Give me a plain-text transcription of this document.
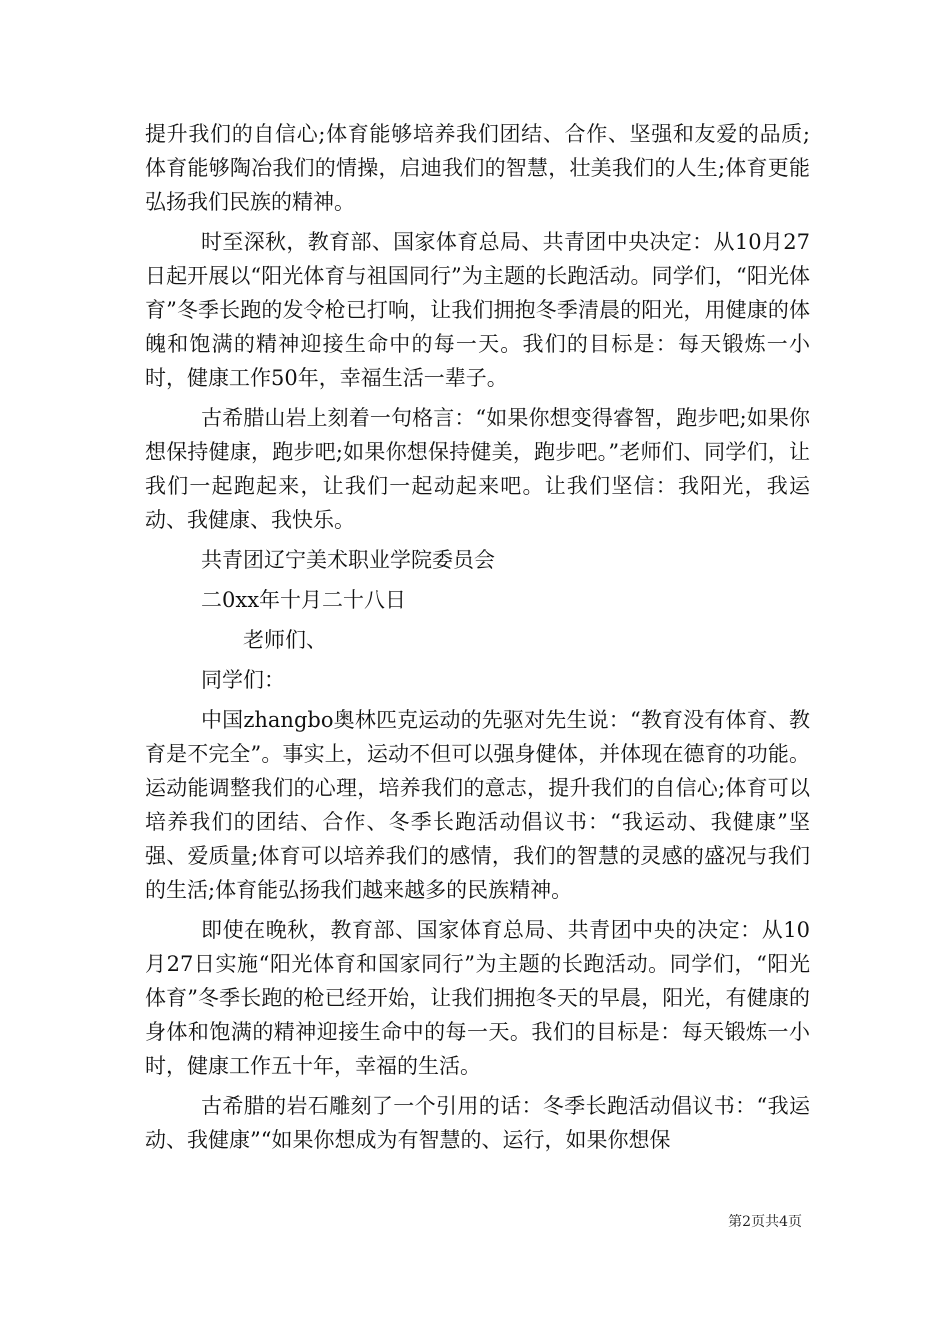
提升我们的自信心;体育能够培养我们团结、合作、坚强和友爱的品质;体育能够陶冶我们的情操，启迪我们的智慧，壮美我们的人生;体育更能弘扬我们民族的精神。

时至深秋，教育部、国家体育总局、共青团中央决定：从10月27日起开展以“阳光体育与祖国同行”为主题的长跑活动。同学们，“阳光体育”冬季长跑的发令枪已打响，让我们拥抱冬季清晨的阳光，用健康的体魄和饱满的精神迎接生命中的每一天。我们的目标是：每天锻炼一小时，健康工作50年，幸福生活一辈子。

古希腊山岩上刻着一句格言：“如果你想变得睿智，跑步吧;如果你想保持健康，跑步吧;如果你想保持健美，跑步吧。”老师们、同学们，让我们一起跑起来，让我们一起动起来吧。让我们坚信：我阳光，我运动、我健康、我快乐。

共青团辽宁美术职业学院委员会

二0xx年十月二十八日

老师们、

同学们：

中国zhangbo奥林匹克运动的先驱对先生说：“教育没有体育、教育是不完全”。事实上，运动不但可以强身健体，并体现在德育的功能。运动能调整我们的心理，培养我们的意志，提升我们的自信心;体育可以培养我们的团结、合作、冬季长跑活动倡议书：“我运动、我健康”坚强、爱质量;体育可以培养我们的感情，我们的智慧的灵感的盛况与我们的生活;体育能弘扬我们越来越多的民族精神。

即使在晚秋，教育部、国家体育总局、共青团中央的决定：从10月27日实施“阳光体育和国家同行”为主题的长跑活动。同学们，“阳光体育”冬季长跑的枪已经开始，让我们拥抱冬天的早晨，阳光，有健康的身体和饱满的精神迎接生命中的每一天。我们的目标是：每天锻炼一小时，健康工作五十年，幸福的生活。

古希腊的岩石雕刻了一个引用的话：冬季长跑活动倡议书：“我运动、我健康”“如果你想成为有智慧的、运行，如果你想保

第2页共4页
